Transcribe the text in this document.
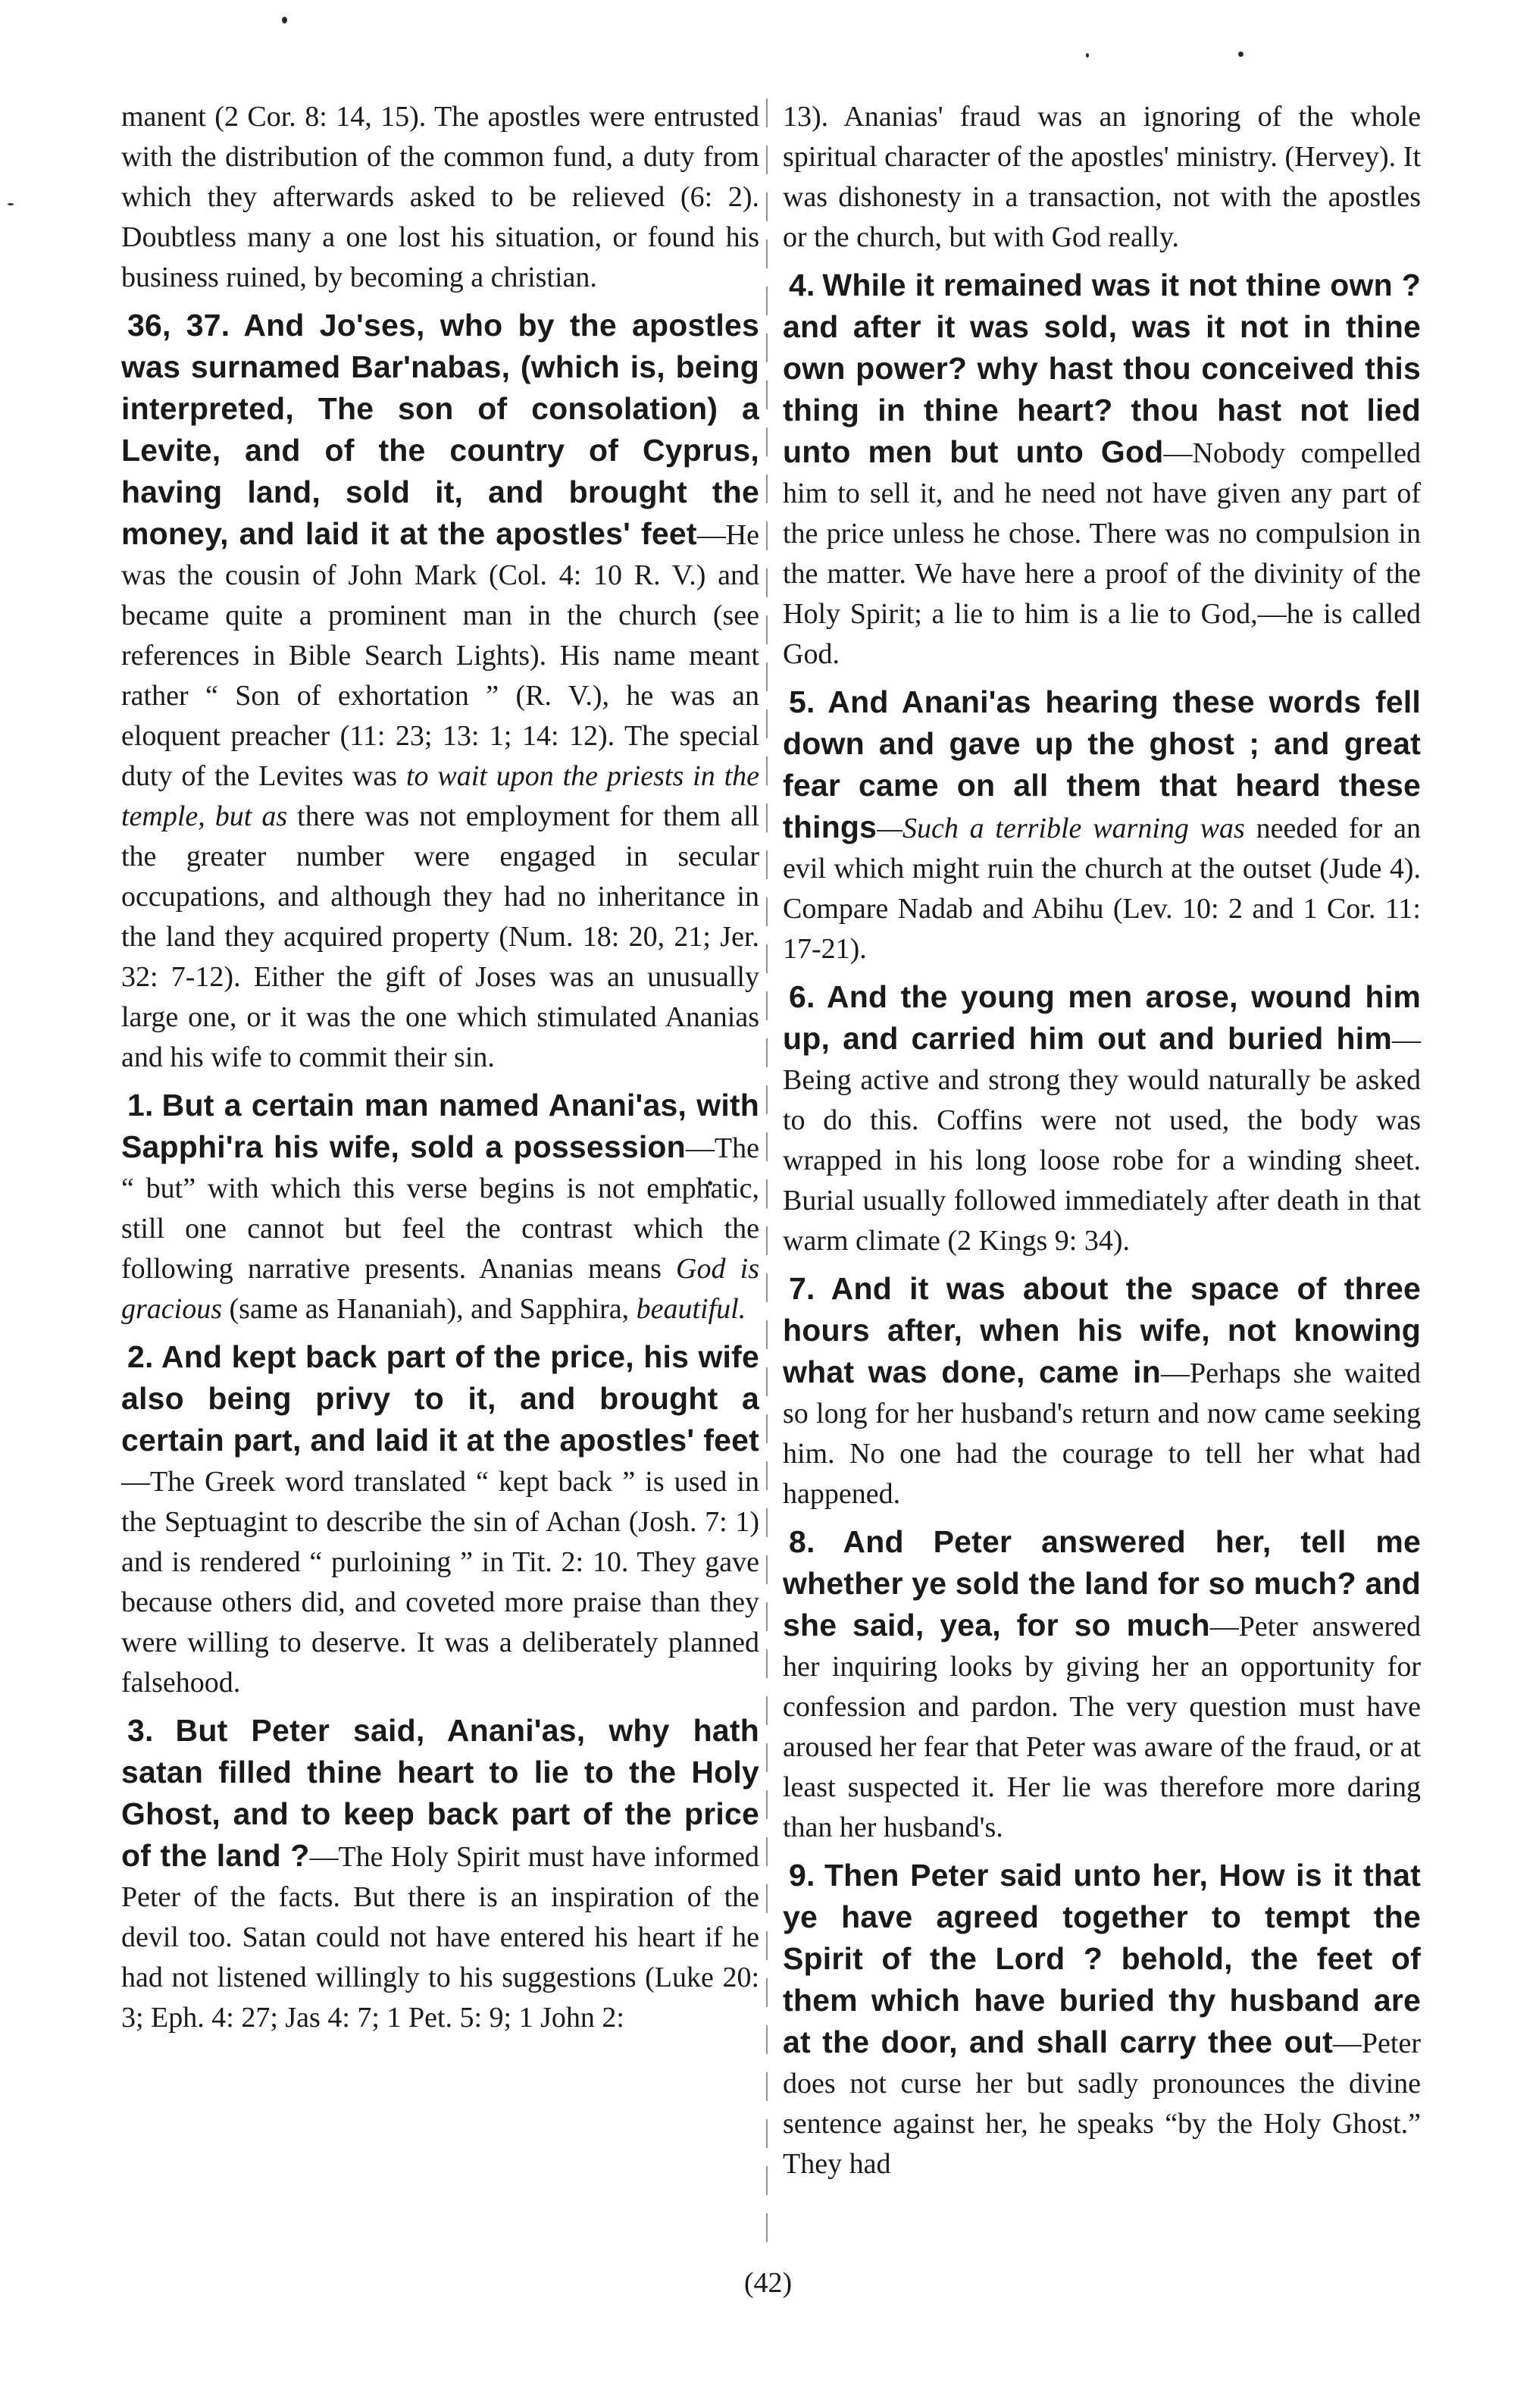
manent (2 Cor. 8: 14, 15). The apostles were entrusted with the distribution of the common fund, a duty from which they afterwards asked to be relieved (6: 2). Doubtless many a one lost his situation, or found his business ruined, by becoming a christian.

36, 37. And Jo'ses, who by the apostles was surnamed Bar'nabas, (which is, being interpreted, The son of consolation) a Levite, and of the country of Cyprus, having land, sold it, and brought the money, and laid it at the apostles' feet—He was the cousin of John Mark (Col. 4: 10 R. V.) and became quite a prominent man in the church (see references in Bible Search Lights). His name meant rather “ Son of exhortation ” (R. V.), he was an eloquent preacher (11: 23; 13: 1; 14: 12). The special duty of the Levites was to wait upon the priests in the temple, but as there was not employment for them all the greater number were engaged in secular occupations, and although they had no inheritance in the land they acquired property (Num. 18: 20, 21; Jer. 32: 7-12). Either the gift of Joses was an unusually large one, or it was the one which stimulated Ananias and his wife to commit their sin.

1. But a certain man named Anani'as, with Sapphi'ra his wife, sold a possession—The “ but” with which this verse begins is not emphatic, still one cannot but feel the contrast which the following narrative presents. Ananias means God is gracious (same as Hananiah), and Sapphira, beautiful.

2. And kept back part of the price, his wife also being privy to it, and brought a certain part, and laid it at the apostles' feet—The Greek word translated “ kept back ” is used in the Septuagint to describe the sin of Achan (Josh. 7: 1) and is rendered “ purloining ” in Tit. 2: 10. They gave because others did, and coveted more praise than they were willing to deserve. It was a deliberately planned falsehood.

3. But Peter said, Anani'as, why hath satan filled thine heart to lie to the Holy Ghost, and to keep back part of the price of the land ?—The Holy Spirit must have informed Peter of the facts. But there is an inspiration of the devil too. Satan could not have entered his heart if he had not listened willingly to his suggestions (Luke 20: 3; Eph. 4: 27; Jas 4: 7; 1 Pet. 5: 9; 1 John 2:

13). Ananias' fraud was an ignoring of the whole spiritual character of the apostles' ministry. (Hervey). It was dishonesty in a transaction, not with the apostles or the church, but with God really.

4. While it remained was it not thine own ? and after it was sold, was it not in thine own power? why hast thou conceived this thing in thine heart? thou hast not lied unto men but unto God—Nobody compelled him to sell it, and he need not have given any part of the price unless he chose. There was no compulsion in the matter. We have here a proof of the divinity of the Holy Spirit; a lie to him is a lie to God,—he is called God.

5. And Anani'as hearing these words fell down and gave up the ghost ; and great fear came on all them that heard these things—Such a terrible warning was needed for an evil which might ruin the church at the outset (Jude 4). Compare Nadab and Abihu (Lev. 10: 2 and 1 Cor. 11: 17-21).

6. And the young men arose, wound him up, and carried him out and buried him—Being active and strong they would naturally be asked to do this. Coffins were not used, the body was wrapped in his long loose robe for a winding sheet. Burial usually followed immediately after death in that warm climate (2 Kings 9: 34).

7. And it was about the space of three hours after, when his wife, not knowing what was done, came in—Perhaps she waited so long for her husband's return and now came seeking him. No one had the courage to tell her what had happened.

8. And Peter answered her, tell me whether ye sold the land for so much? and she said, yea, for so much—Peter answered her inquiring looks by giving her an opportunity for confession and pardon. The very question must have aroused her fear that Peter was aware of the fraud, or at least suspected it. Her lie was therefore more daring than her husband's.

9. Then Peter said unto her, How is it that ye have agreed together to tempt the Spirit of the Lord ? behold, the feet of them which have buried thy husband are at the door, and shall carry thee out—Peter does not curse her but sadly pronounces the divine sentence against her, he speaks “by the Holy Ghost.” They had

(42)
